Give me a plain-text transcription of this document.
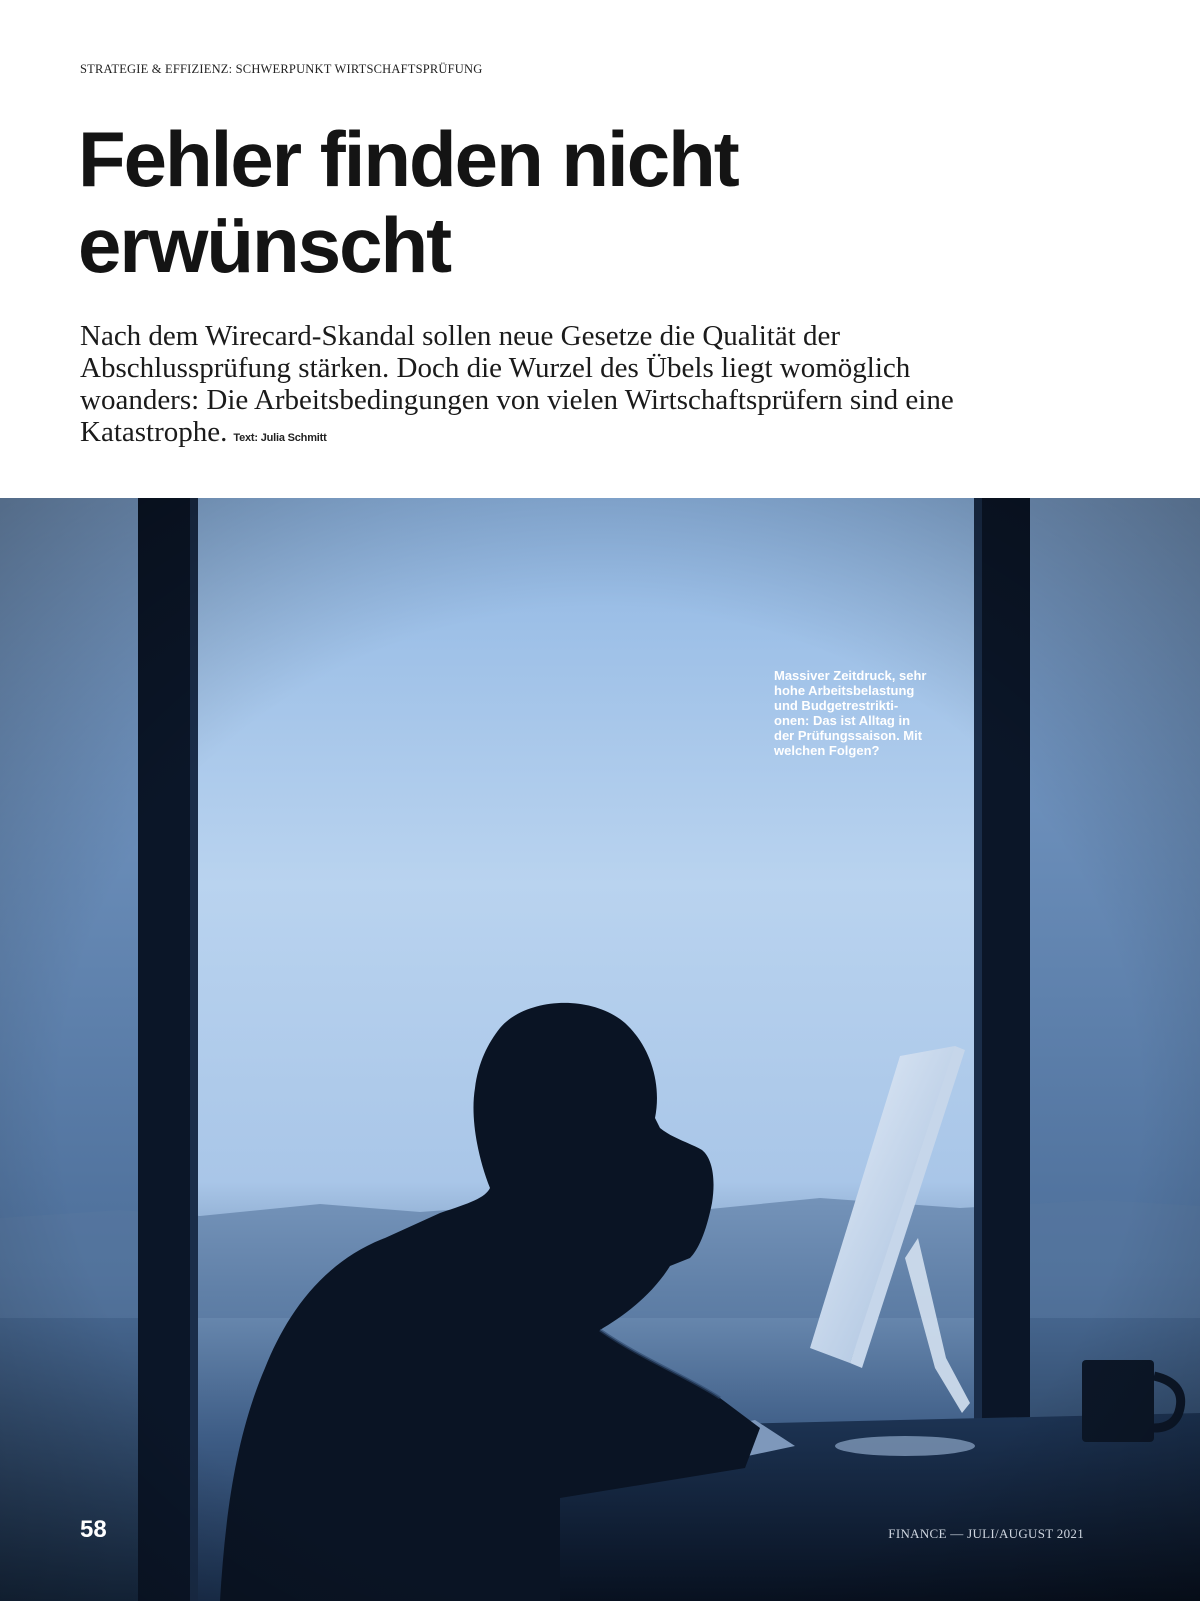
STRATEGIE & EFFIZIENZ: SCHWERPUNKT WIRTSCHAFTSPRÜFUNG
Fehler finden nicht
erwünscht

Nach dem Wirecard-Skandal sollen neue Gesetze die Qualität der
Abschlussprüfung stärken. Doch die Wurzel des Übels liegt womöglich
woanders: Die Arbeitsbedingungen von vielen Wirtschaftsprüfern sind eine
Katastrophe. Text: Julia Schmitt

Massiver Zeitdruck, sehr
hohe Arbeitsbelastung
und Budgetrestrikti-
onen: Das ist Alltag in
der Prüfungssaison. Mit
welchen Folgen?

58	FINANCE — JULI/AUGUST 2021
